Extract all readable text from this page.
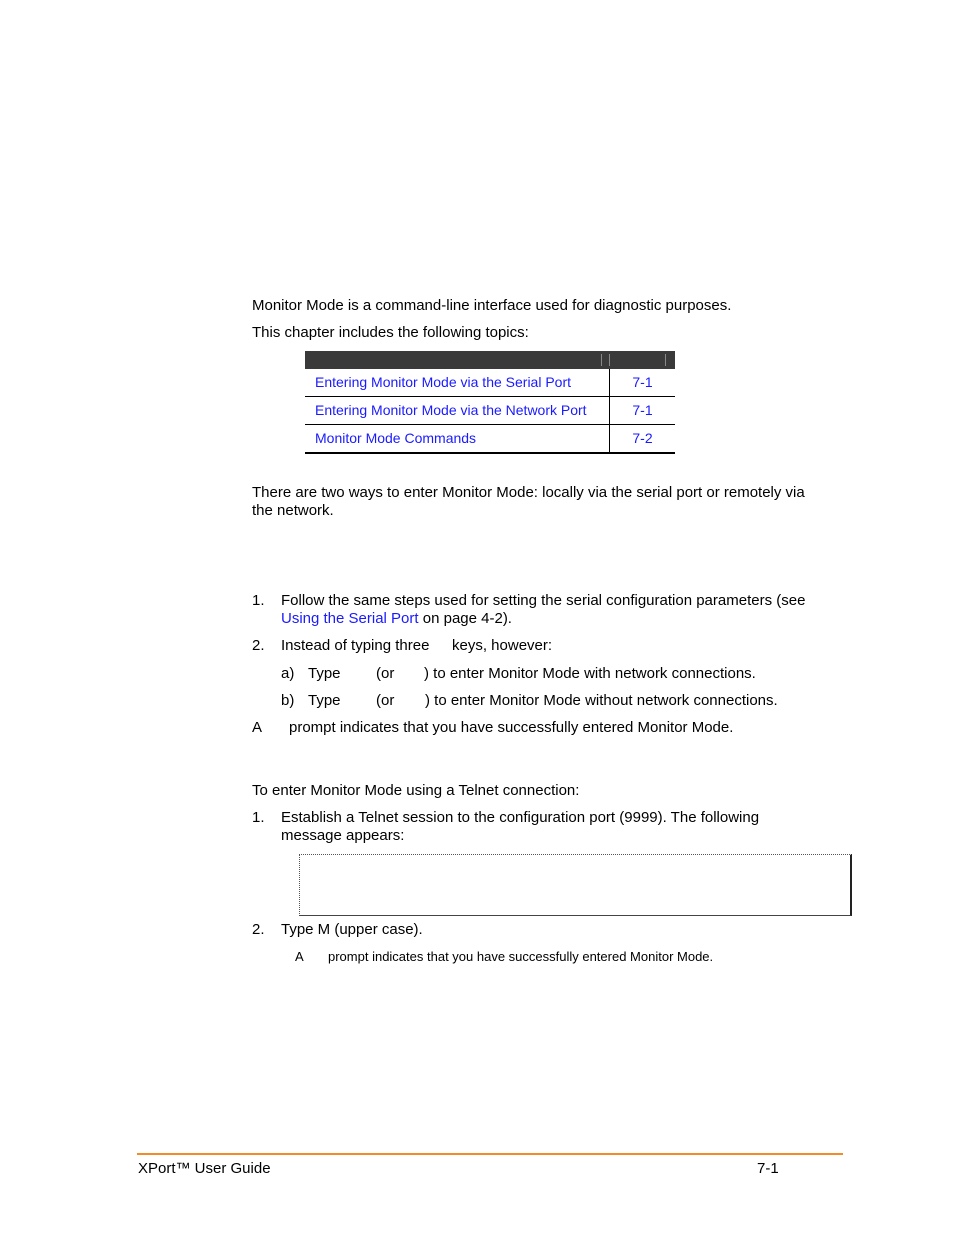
Monitor Mode is a command-line interface used for diagnostic purposes.
This chapter includes the following topics:
Entering Monitor Mode via the Serial Port	7-1
Entering Monitor Mode via the Network Port	7-1
Monitor Mode Commands	7-2
There are two ways to enter Monitor Mode: locally via the serial port or remotely via
the network.
1. Follow the same steps used for setting the serial configuration parameters (see
Using the Serial Port on page 4-2).
2. Instead of typing three keys, however:
a) Type (or ) to enter Monitor Mode with network connections.
b) Type (or ) to enter Monitor Mode without network connections.
A prompt indicates that you have successfully entered Monitor Mode.
To enter Monitor Mode using a Telnet connection:
1. Establish a Telnet session to the configuration port (9999). The following
message appears:
2. Type M (upper case).
A prompt indicates that you have successfully entered Monitor Mode.
XPort™ User Guide	7-1
